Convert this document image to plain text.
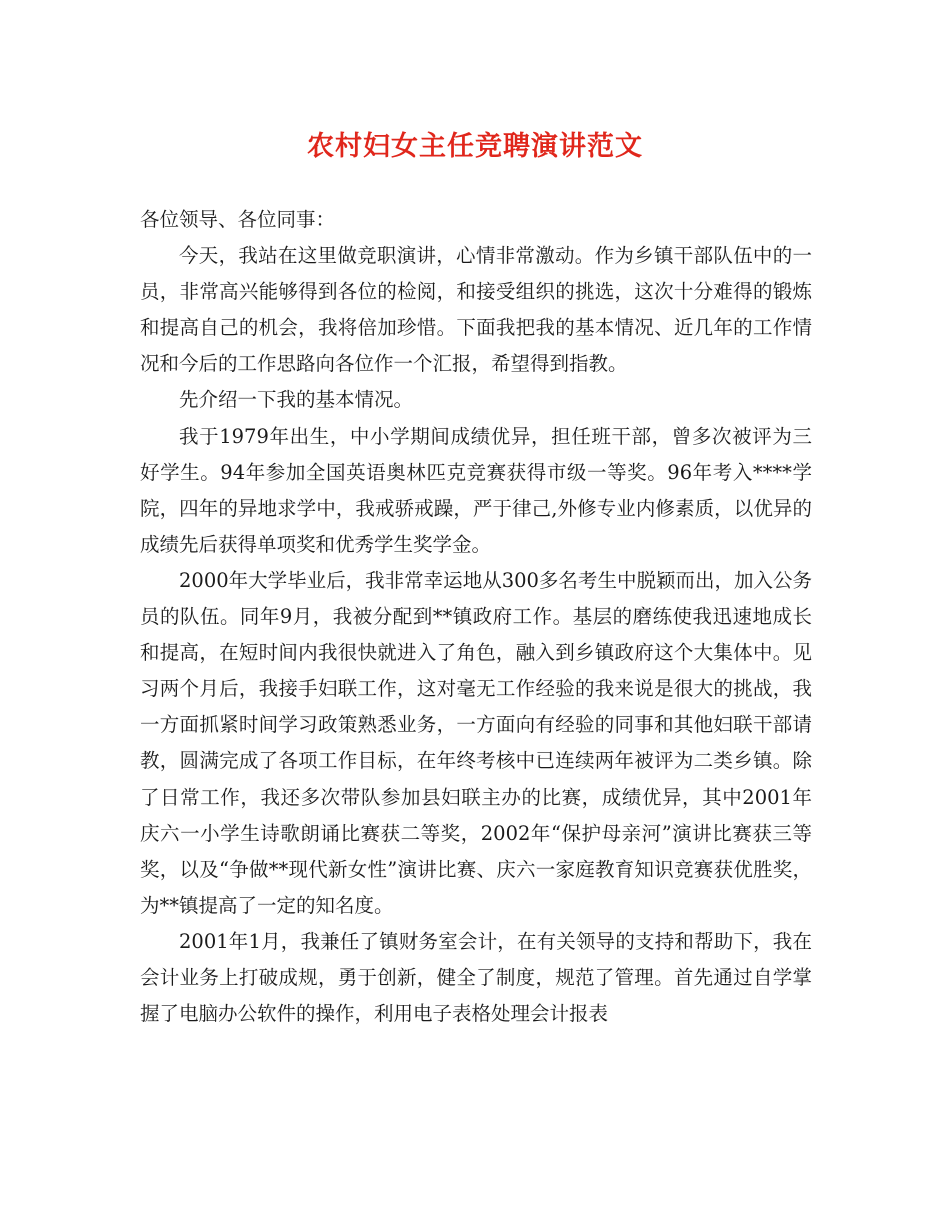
农村妇女主任竞聘演讲范文

各位领导、各位同事：

今天，我站在这里做竞职演讲，心情非常激动。作为乡镇干部队伍中的一员，非常高兴能够得到各位的检阅，和接受组织的挑选，这次十分难得的锻炼和提高自己的机会，我将倍加珍惜。下面我把我的基本情况、近几年的工作情况和今后的工作思路向各位作一个汇报，希望得到指教。

先介绍一下我的基本情况。

我于1979年出生，中小学期间成绩优异，担任班干部，曾多次被评为三好学生。94年参加全国英语奥林匹克竞赛获得市级一等奖。96年考入****学院，四年的异地求学中，我戒骄戒躁，严于律己,外修专业内修素质，以优异的成绩先后获得单项奖和优秀学生奖学金。

2000年大学毕业后，我非常幸运地从300多名考生中脱颖而出，加入公务员的队伍。同年9月，我被分配到**镇政府工作。基层的磨练使我迅速地成长和提高，在短时间内我很快就进入了角色，融入到乡镇政府这个大集体中。见习两个月后，我接手妇联工作，这对毫无工作经验的我来说是很大的挑战，我一方面抓紧时间学习政策熟悉业务，一方面向有经验的同事和其他妇联干部请教，圆满完成了各项工作目标，在年终考核中已连续两年被评为二类乡镇。除了日常工作，我还多次带队参加县妇联主办的比赛，成绩优异，其中2001年庆六一小学生诗歌朗诵比赛获二等奖，2002年“保护母亲河”演讲比赛获三等奖，以及“争做**现代新女性”演讲比赛、庆六一家庭教育知识竞赛获优胜奖，为**镇提高了一定的知名度。

2001年1月，我兼任了镇财务室会计，在有关领导的支持和帮助下，我在会计业务上打破成规，勇于创新，健全了制度，规范了管理。首先通过自学掌握了电脑办公软件的操作，利用电子表格处理会计报表
